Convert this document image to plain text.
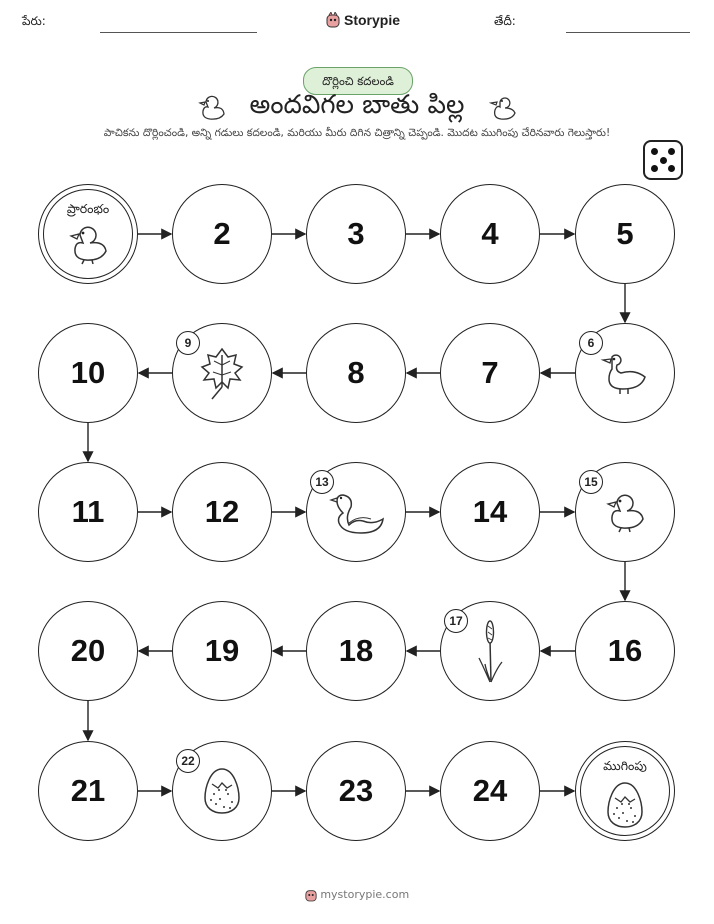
పేరు:	Storypie	తేదీ:
దొర్లించి కదలండి
అందవిగల బాతు పిల్ల
పాచికను దొర్లించండి, అన్ని గడులు కదలండి, మరియు మీరు దిగిన చిత్రాన్ని చెప్పండి. మొదట ముగింపు చేరినవారు గెలుస్తారు!
ప్రారంభం
2	3	4	5
6
7
8
9
10
11	12
13
14
15
16
17
18
19
20
21
22
23	24
ముగింపు
mystorypie.com
